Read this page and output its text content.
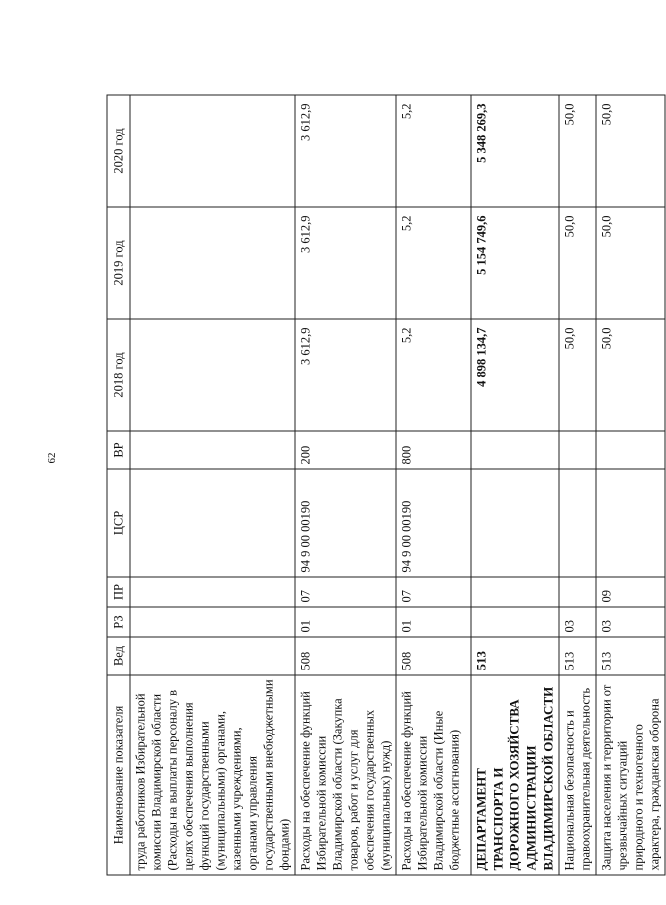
62
Наименование показателя	Вед	РЗ	ПР	ЦСР	ВР	2018 год	2019 год	2020 год
труда работников Избирательной комиссии Владимирской области (Расходы на выплаты персоналу в целях обеспечения выполнения функций государственными (муниципальными) органами, казенными учреждениями, органами управления государственными внебюджетными фондами)								
Расходы на обеспечение функций Избирательной комиссии Владимирской области (Закупка товаров, работ и услуг для обеспечения государственных (муниципальных) нужд)	508	01	07	94 9 00 00190	200	3 612,9	3 612,9	3 612,9
Расходы на обеспечение функций Избирательной комиссии Владимирской области (Иные бюджетные ассигнования)	508	01	07	94 9 00 00190	800	5,2	5,2	5,2
ДЕПАРТАМЕНТ ТРАНСПОРТА И ДОРОЖНОГО ХОЗЯЙСТВА АДМИНИСТРАЦИИ ВЛАДИМИРСКОЙ ОБЛАСТИ	513					4 898 134,7	5 154 749,6	5 348 269,3
Национальная безопасность и правоохранительная деятельность	513	03				50,0	50,0	50,0
Защита населения и территории от чрезвычайных ситуаций природного и техногенного характера, гражданская оборона	513	03	09			50,0	50,0	50,0
